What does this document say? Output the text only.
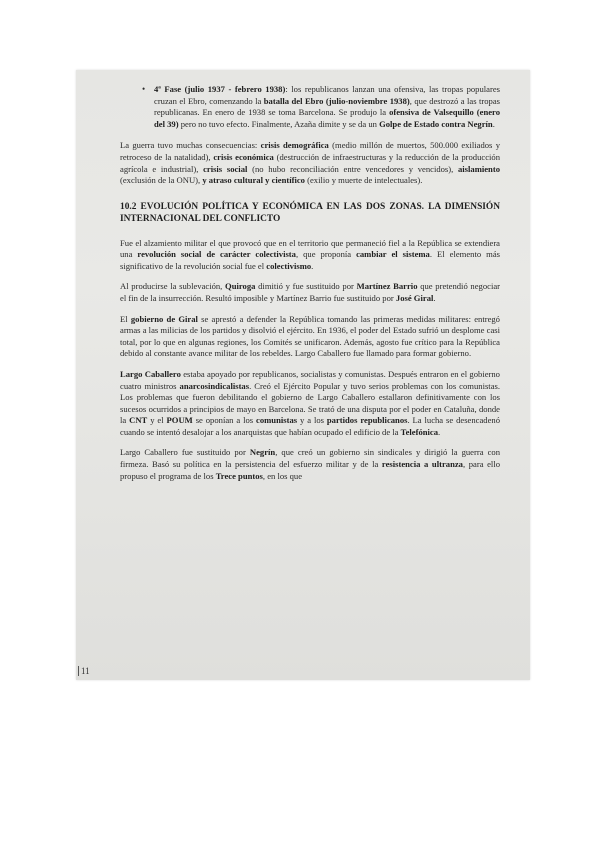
•	4ª Fase (julio 1937 - febrero 1938): los republicanos lanzan una ofensiva, las tropas populares cruzan el Ebro, comenzando la batalla del Ebro (julio-noviembre 1938), que destrozó a las tropas republicanas. En enero de 1938 se toma Barcelona. Se produjo la ofensiva de Valsequillo (enero del 39) pero no tuvo efecto. Finalmente, Azaña dimite y se da un Golpe de Estado contra Negrín.

La guerra tuvo muchas consecuencias: crisis demográfica (medio millón de muertos, 500.000 exiliados y retroceso de la natalidad), crisis económica (destrucción de infraestructuras y la reducción de la producción agrícola e industrial), crisis social (no hubo reconciliación entre vencedores y vencidos), aislamiento (exclusión de la ONU), y atraso cultural y científico (exilio y muerte de intelectuales).

10.2 EVOLUCIÓN POLÍTICA Y ECONÓMICA EN LAS DOS ZONAS. LA DIMENSIÓN INTERNACIONAL DEL CONFLICTO

Fue el alzamiento militar el que provocó que en el territorio que permaneció fiel a la República se extendiera una revolución social de carácter colectivista, que proponía cambiar el sistema. El elemento más significativo de la revolución social fue el colectivismo.

Al producirse la sublevación, Quiroga dimitió y fue sustituido por Martínez Barrio que pretendió negociar el fin de la insurrección. Resultó imposible y Martínez Barrio fue sustituido por José Giral.

El gobierno de Giral se aprestó a defender la República tomando las primeras medidas militares: entregó armas a las milicias de los partidos y disolvió el ejército. En 1936, el poder del Estado sufrió un desplome casi total, por lo que en algunas regiones, los Comités se unificaron. Además, agosto fue crítico para la República debido al constante avance militar de los rebeldes. Largo Caballero fue llamado para formar gobierno.

Largo Caballero estaba apoyado por republicanos, socialistas y comunistas. Después entraron en el gobierno cuatro ministros anarcosindicalistas. Creó el Ejército Popular y tuvo serios problemas con los comunistas. Los problemas que fueron debilitando el gobierno de Largo Caballero estallaron definitivamente con los sucesos ocurridos a principios de mayo en Barcelona. Se trató de una disputa por el poder en Cataluña, donde la CNT y el POUM se oponían a los comunistas y a los partidos republicanos. La lucha se desencadenó cuando se intentó desalojar a los anarquistas que habían ocupado el edificio de la Telefónica.

Largo Caballero fue sustituido por Negrín, que creó un gobierno sin sindicales y dirigió la guerra con firmeza. Basó su política en la persistencia del esfuerzo militar y de la resistencia a ultranza, para ello propuso el programa de los Trece puntos, en los que

11
